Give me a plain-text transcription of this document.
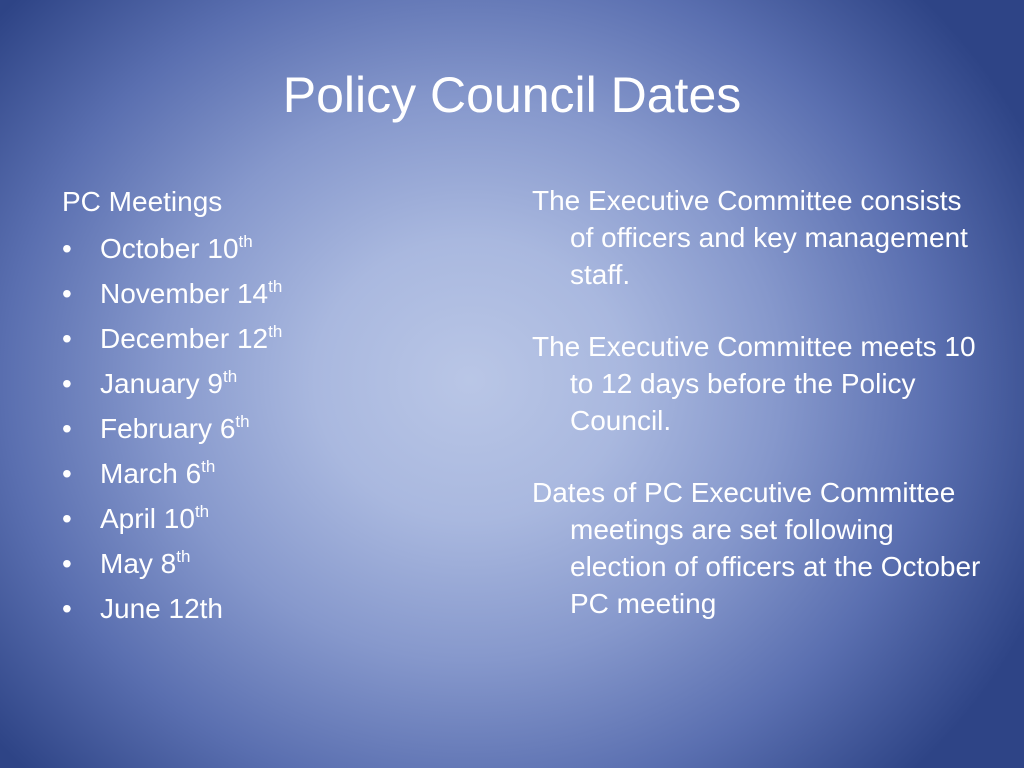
Policy Council Dates
PC Meetings
• October 10th
• November 14th
• December 12th
• January 9th
• February 6th
• March 6th
• April 10th
• May 8th
• June 12th

The Executive Committee consists of officers and key management staff.

The Executive Committee meets 10 to 12 days before the Policy Council.

Dates of PC Executive Committee meetings are set following election of officers at the October PC meeting
